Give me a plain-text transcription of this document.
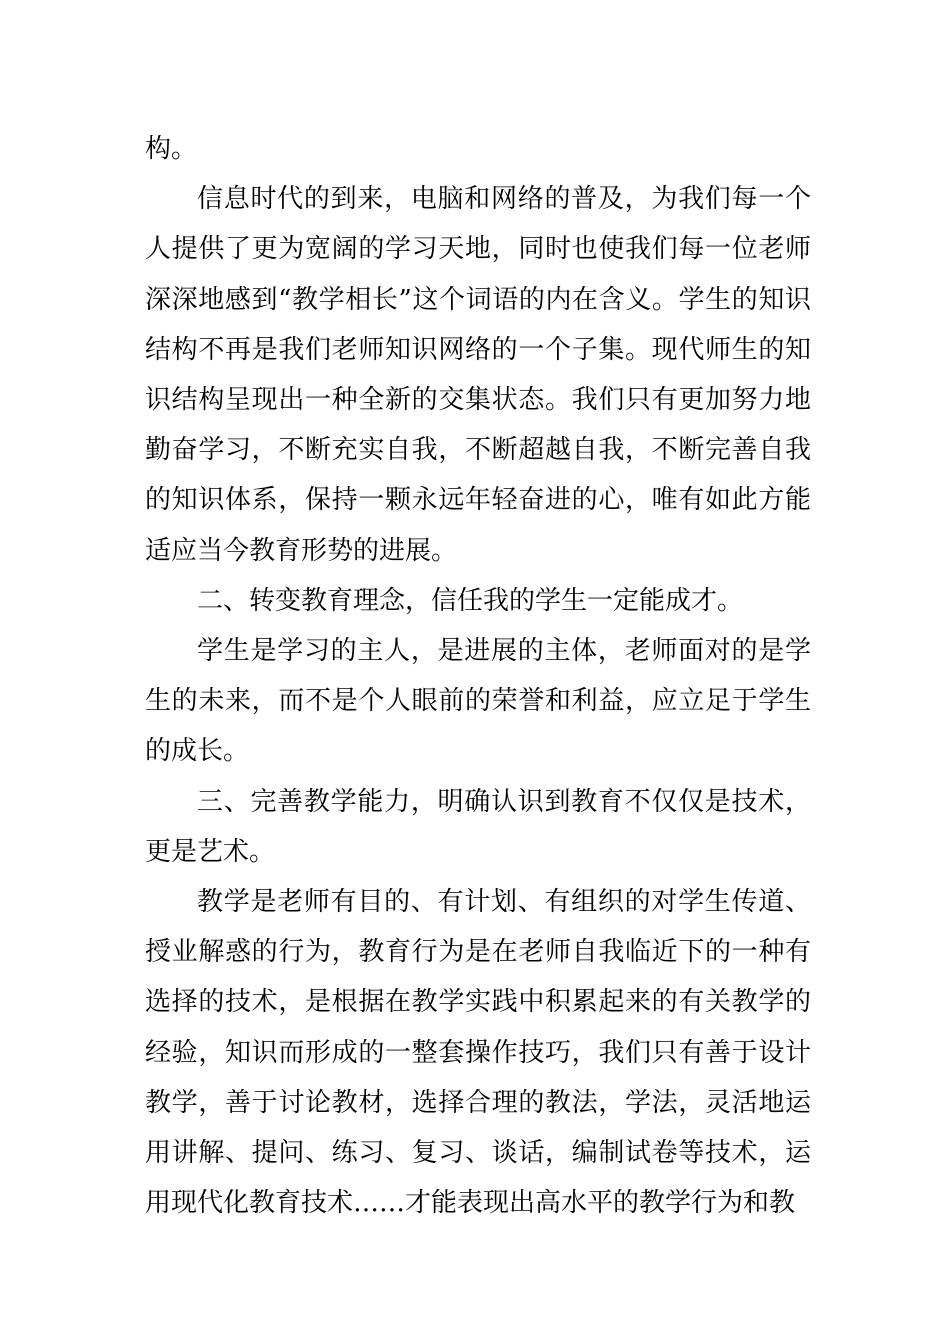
构。

信息时代的到来，电脑和网络的普及，为我们每一个人提供了更为宽阔的学习天地，同时也使我们每一位老师深深地感到“教学相长”这个词语的内在含义。学生的知识结构不再是我们老师知识网络的一个子集。现代师生的知识结构呈现出一种全新的交集状态。我们只有更加努力地勤奋学习，不断充实自我，不断超越自我，不断完善自我的知识体系，保持一颗永远年轻奋进的心，唯有如此方能适应当今教育形势的进展。

二、转变教育理念，信任我的学生一定能成才。

学生是学习的主人，是进展的主体，老师面对的是学生的未来，而不是个人眼前的荣誉和利益，应立足于学生的成长。

三、完善教学能力，明确认识到教育不仅仅是技术，更是艺术。

教学是老师有目的、有计划、有组织的对学生传道、授业解惑的行为，教育行为是在老师自我临近下的一种有选择的技术，是根据在教学实践中积累起来的有关教学的经验，知识而形成的一整套操作技巧，我们只有善于设计教学，善于讨论教材，选择合理的教法，学法，灵活地运用讲解、提问、练习、复习、谈话，编制试卷等技术，运用现代化教育技术……才能表现出高水平的教学行为和教
